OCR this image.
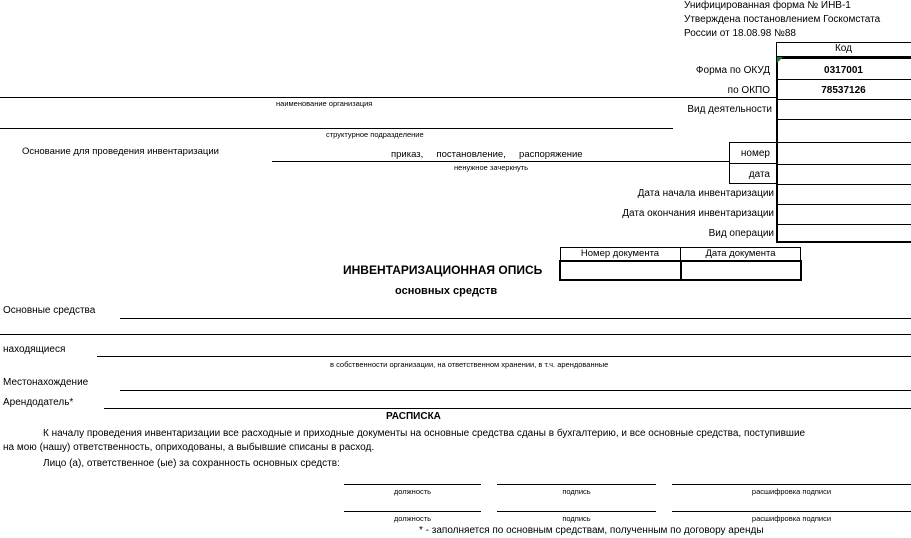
Унифицированная форма № ИНВ-1
Утверждена постановлением Госкомстата
России от 18.08.98 №88
Код
Форма по ОКУД	0317001
по ОКПО	78537126
Вид деятельности
номер
дата
Дата начала инвентаризации
Дата окончания инвентаризации
Вид операции
наименование организация
структурное подразделение
Основание для проведения инвентаризации	приказ,     постановление,     распоряжение
ненужное зачеркнуть
Номер документа	Дата документа
ИНВЕНТАРИЗАЦИОННАЯ ОПИСЬ
основных средств
Основные средства
находящиеся
в собственности организации, на ответственном хранении, в т.ч. арендованные
Местонахождение
Арендодатель*
РАСПИСКА
К началу проведения инвентаризации все расходные и приходные документы на основные средства сданы в бухгалтерию, и все основные средства, поступившие
на мою (нашу) ответственность, оприходованы, а выбывшие списаны в расход.
Лицо (а), ответственное (ые) за сохранность основных средств:
должность	подпись	расшифровка подписи
должность	подпись	расшифровка подписи
* - заполняется по основным средствам, полученным по договору аренды
